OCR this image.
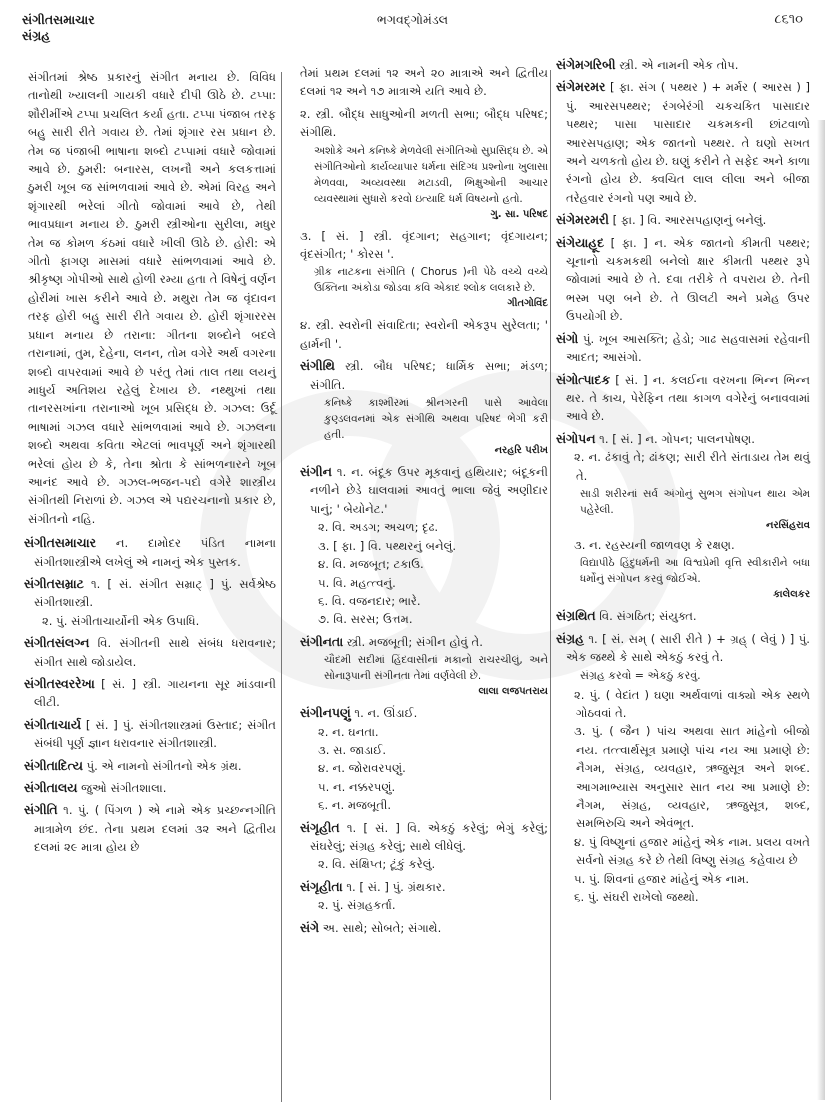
સંગીતસમાચાર
સંગ્રહ
ભગવદ્ગોમંડલ	૮૬૧૦

સંગીતમાં શ્રેષ્ઠ પ્રકારનું સંગીત મનાય છે. વિવિધ તાનોથી ખ્યાલની ગાયકી વધારે દીપી ઊઠે છે. ટપ્પા: શૌરીમીંએ ટપ્પા પ્રચલિત કર્યા હતા. ટપ્પા પંજાબ તરફ બહુ સારી રીતે ગવાય છે. તેમાં શૃંગાર રસ પ્રધાન છે. તેમ જ પંજાબી ભાષાના શબ્દો ટપ્પામાં વધારે જોવામાં આવે છે. ઠુમરી: બનારસ, લખનૌ અને કલકત્તામાં ઠુમરી ખૂબ જ સાંભળવામાં આવે છે. એમાં વિરહ અને શૃંગારથી ભરેલાં ગીતો જોવામાં આવે છે, તેથી ભાવપ્રધાન મનાય છે. ઠુમરી સ્ત્રીઓના સુરીલા, મધુર તેમ જ કોમળ કંઠમાં વધારે ખીલી ઊઠે છે. હોરી: એ ગીતો ફાગણ માસમાં વધારે સાંભળવામાં આવે છે. શ્રીકૃષ્ણ ગોપીઓ સાથે હોળી રમ્યા હતા તે વિષેનું વર્ણન હોરીમાં ખાસ કરીને આવે છે. મથુરા તેમ જ વૃંદાવન તરફ હોરી બહુ સારી રીતે ગવાય છે. હોરી શૃંગારરસ પ્રધાન મનાય છે તરાના: ગીતના શબ્દોને બદલે તરાનામાં, તુમ, દેહેના, લનન, તોમ વગેરે અર્થ વગરના શબ્દો વાપરવામાં આવે છે પરંતુ તેમાં તાલ તથા લયનું માધુર્ય અતિશય રહેલું દેખાય છે. નથ્થુખાં તથા તાનરસખાંના તરાનાઓ ખૂબ પ્રસિદ્ધ છે. ગઝલ: ઉર્દૂ ભાષામાં ગઝલ વધારે સાંભળવામાં આવે છે. ગઝલના શબ્દો અથવા કવિતા એટલાં ભાવપૂર્ણ અને શૃંગારથી ભરેલાં હોય છે કે, તેના શ્રોતા કે સાંભળનારને ખૂબ આનંદ આવે છે. ગઝલ-ભજન-પદો વગેરે શાસ્ત્રીય સંગીતથી નિરાળાં છે. ગઝલ એ પદ્યરચનાનો પ્રકાર છે, સંગીતનો નહિ.

સંગીતસમાચાર ન. દામોદર પંડિત નામના સંગીતશાસ્ત્રીએ લખેલું એ નામનું એક પુસ્તક.
સંગીતસમ્રાટ ૧. [ સં. સંગીત સમ્રાટ્ ] પું. સર્વશ્રેષ્ઠ સંગીતશાસ્ત્રી.
૨. પું. સંગીતાચાર્યોની એક ઉપાધિ.
સંગીતસંલગ્ન વિ. સંગીતની સાથે સંબંધ ધરાવનાર; સંગીત સાથે જોડાયેલ.
સંગીતસ્વરરેખા [ સં. ] સ્ત્રી. ગાયનના સૂર માંડવાની લીટી.
સંગીતાચાર્ય [ સં. ] પું. સંગીતશાસ્ત્રમાં ઉસ્તાદ; સંગીત સંબંધી પૂર્ણ જ્ઞાન ધરાવનાર સંગીતશાસ્ત્રી.
સંગીતાદિત્ય પું. એ નામનો સંગીતનો એક ગ્રંથ.
સંગીતાલય જુઓ સંગીતશાલા.
સંગીતિ ૧. પું. ( પિંગળ ) એ નામે એક પ્રચ્છન્નગીતિ માત્રામેળ છંદ. તેના પ્રથમ દલમાં ૩૨ અને દ્વિતીય દલમાં ૨૯ માત્રા હોય છે

તેમાં પ્રથમ દલમાં ૧૨ અને ૨૦ માત્રાએ અને દ્વિતીય દલમાં ૧૨ અને ૧૭ માત્રાએ યતિ આવે છે.

૨. સ્ત્રી. બૌદ્ધ સાધુઓની મળતી સભા; બૌદ્ધ પરિષદ; સંગીથિ.
અશોકે અને કનિષ્કે મેળવેલી સંગીતિઓ સુપ્રસિદ્ધ છે. એ સંગીતિઓનો કાર્યવ્યાપાર ધર્મના સંદિગ્ધ પ્રશ્નોના ખુલાસા મેળવવા, અવ્યવસ્થા મટાડવી, ભિક્ષુઓની આચાર વ્યવસ્થામાં સુધારો કરવો ઇત્યાદિ ધર્મ વિષયનો હતો.
ગુ. સા. પરિષદ
૩. [ સં. ] સ્ત્રી. વૃંદગાન; સહગાન; વૃંદગાયન; વૃંદસંગીત; ' કોરસ '.
ગ્રીક નાટકના સંગીતિ ( Chorus )ની પેઠે વચ્ચે વચ્ચે ઉક્તિના અંકોડા જોડવા કવિ એકાદ શ્લોક લલકારે છે.
ગીતગોવિંદ
૪. સ્ત્રી. સ્વરોની સંવાદિતા; સ્વરોની એકરૂપ સુરેલતા; ' હાર્મની '.
સંગીથિ સ્ત્રી. બૌધ પરિષદ; ધાર્મિક સભા; મંડળ; સંગીતિ.
કનિષ્કે કાશ્મીરમાં શ્રીનગરની પાસે આવેલા કુણ્ડલવનમાં એક સંગીથિ અથવા પરિષદ ભેગી કરી હતી.
નરહરિ પરીખ
સંગીન ૧. ન. બંદૂક ઉપર મૂકવાનું હથિયાર; બંદૂકની નળીને છેડે ઘાલવામાં આવતું ભાલા જેવું અણીદાર પાનું; ' બેયોનેટ.'
૨. વિ. અડગ; અચળ; દૃઢ.
૩. [ ફા. ] વિ. પથ્થરનું બનેલું.
૪. વિ. મજબૂત; ટકાઉ.
૫. વિ. મહત્ત્વનું.
૬. વિ. વજનદાર; ભારે.
૭. વિ. સરસ; ઉત્તમ.
સંગીનતા સ્ત્રી. મજબૂતી; સંગીન હોવું તે.
ચૌદમી સદીમાં હિંદવાસીનાં મકાનો રાચરચીલું, અને સોનારૂપાની સંગીનતા તેમાં વર્ણવેલી છે.
લાલા લજપતરાય
સંગીનપણું ૧. ન. ઊંડાઈ.
૨. ન. ઘનતા.
૩. સ. જાડાઈ.
૪. ન. જોરાવરપણું.
૫. ન. નક્કરપણું.
૬. ન. મજબૂતી.
સંગૃહીત ૧. [ સં. ] વિ. એકઠું કરેલું; ભેગું કરેલું; સંઘરેલું; સંગ્રહ કરેલું; સાથે લીધેલું.
૨. વિ. સંક્ષિપ્ત; ટૂંકું કરેલું.
સંગૃહીતા ૧. [ સં. ] પું. ગ્રંથકાર.
૨. પું. સંગ્રહકર્તા.
સંગે અ. સાથે; સોબતે; સંગાથે.
સંગેમગરિબી સ્ત્રી. એ નામની એક તોપ.
સંગેમરમર [ ફા. સંગ ( પથ્થર ) + મર્મર ( આરસ ) ] પું. આરસપથ્થર; રંગબેરંગી ચકચકિત પાસાદાર પથ્થર; પાસા પાસાદાર ચકમકની છાંટવાળો આરસપહાણ; એક જાતનો પથ્થર. તે ઘણો સખત અને ચળકતો હોય છે. ઘણું કરીને તે સફેદ અને કાળા રંગનો હોય છે. ક્વચિત લાલ લીલા અને બીજા તરેહવાર રંગનો પણ આવે છે.
સંગેમરમરી [ ફા. ] વિ. આરસપહાણનું બનેલું.
સંગેયાહૂદ [ ફા. ] ન. એક જાતનો કીમતી પથ્થર; ચૂનાનો ચકમકથી બનેલો ક્ષાર કીમતી પથ્થર રૂપે જોવામાં આવે છે તે. દવા તરીકે તે વપરાય છે. તેની ભસ્મ પણ બને છે. તે ઊલટી અને પ્રમેહ ઉપર ઉપયોગી છે.
સંગો પું. ખૂબ આસક્તિ; હેડો; ગાઢ સહવાસમાં રહેવાની આદત; આસંગો.
સંગોત્પાદક [ સં. ] ન. કલઈના વરખના ભિન્ન ભિન્ન થર. તે કાચ, પેરેફિન તથા કાગળ વગેરેનું બનાવવામાં આવે છે.
સંગોપન ૧. [ સં. ] ન. ગોપન; પાલનપોષણ.
૨. ન. ઢંકાવું તે; ઢાંકણ; સારી રીતે સંતાડાય તેમ થવું તે.
સાડી શરીરનાં સર્વ અંગોનું સુભગ સંગોપન થાય એમ પહેરેલી.
નરસિંહરાવ
૩. ન. રહસ્યની જાળવણ કે રક્ષણ.
વિદ્યાપીઠે હિંદુધર્મની આ વિશ્વપ્રેમી વૃત્તિ સ્વીકારીને બધા ધર્મોનું સંગોપન કરવું જોઈએ.
કાલેલકર
સંગ્રથિત વિ. સંગઠિત; સંયુક્ત.
સંગ્રહ ૧. [ સં. સમ્ ( સારી રીતે ) + ગ્રહ્ ( લેવું ) ] પું. એક જથ્થે કે સાથે એકઠું કરવું તે.
સંગ્રહ કરવો = એકઠું કરવું.
૨. પું. ( વેદાંત ) ઘણા અર્થવાળાં વાક્યો એક સ્થળે ગોઠવવાં તે.
૩. પું. ( જૈન ) પાંચ અથવા સાત માંહેનો બીજો નય. તત્ત્વાર્થસૂત્ર પ્રમાણે પાંચ નય આ પ્રમાણે છે: નૈગમ, સંગ્રહ, વ્યવહાર, ઋજુસૂત્ર અને શબ્દ. આગમાભ્યાસ અનુસાર સાત નય આ પ્રમાણે છે: નૈગમ, સંગ્રહ, વ્યવહાર, ઋજુસૂત્ર, શબ્દ, સમભિરુચિ અને એવંભૂત.
૪. પું વિષ્ણુનાં હજાર માંહેનું એક નામ. પ્રલય વખતે સર્વનો સંગ્રહ કરે છે તેથી વિષ્ણુ સંગ્રહ કહેવાય છે
૫. પું. શિવનાં હજાર માંહેનું એક નામ.
૬. પું. સંઘરી રાખેલો જથ્થો.
